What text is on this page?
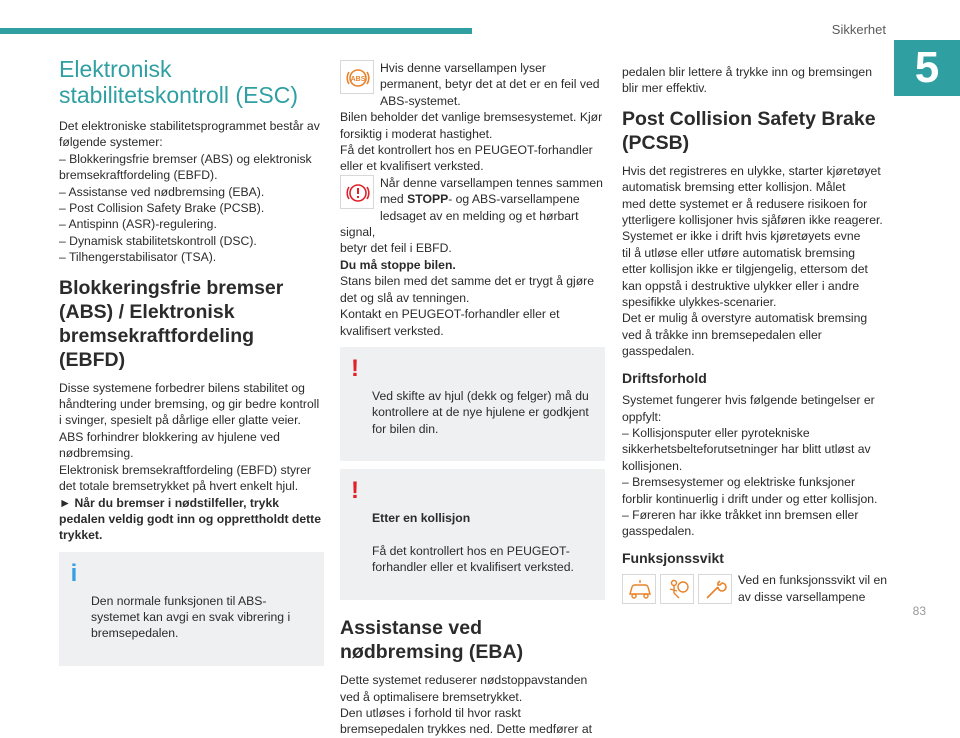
Sikkerhet
5
83
Elektronisk
stabilitetskontroll (ESC)

Det elektroniske stabilitetsprogrammet består av
følgende systemer:
– Blokkeringsfrie bremser (ABS) og elektronisk
bremsekraftfordeling (EBFD).
– Assistanse ved nødbremsing (EBA).
– Post Collision Safety Brake (PCSB).
– Antispinn (ASR)-regulering.
– Dynamisk stabilitetskontroll (DSC).
– Tilhengerstabilisator (TSA).

Blokkeringsfrie bremser
(ABS) / Elektronisk
bremsekraftfordeling
(EBFD)

Disse systemene forbedrer bilens stabilitet og
håndtering under bremsing, og gir bedre kontroll
i svinger, spesielt på dårlige eller glatte veier.
ABS forhindrer blokkering av hjulene ved
nødbremsing.
Elektronisk bremsekraftfordeling (EBFD) styrer
det totale bremsetrykket på hvert enkelt hjul.

► Når du bremser i nødstilfeller, trykk
pedalen veldig godt inn og opprettholdt dette
trykket.

i

Den normale funksjonen til ABS-
systemet kan avgi en svak vibrering i
bremsepedalen.

ABS

Hvis denne varsellampen lyser
permanent, betyr det at det er en feil ved
ABS-systemet.
Bilen beholder det vanlige bremsesystemet. Kjør
forsiktig i moderat hastighet.
Få det kontrollert hos en PEUGEOT-forhandler
eller et kvalifisert verksted.

Når denne varsellampen tennes sammen
med STOPP- og ABS-varsellampene
ledsaget av en melding og et hørbart signal,
betyr det feil i EBFD.

Du må stoppe bilen.

Stans bilen med det samme det er trygt å gjøre
det og slå av tenningen.
Kontakt en PEUGEOT-forhandler eller et
kvalifisert verksted.

!

Ved skifte av hjul (dekk og felger) må du
kontrollere at de nye hjulene er godkjent
for bilen din.

!

Etter en kollisjon

Få det kontrollert hos en PEUGEOT-
forhandler eller et kvalifisert verksted.

Assistanse ved
nødbremsing (EBA)

Dette systemet reduserer nødstoppavstanden
ved å optimalisere bremsetrykket.
Den utløses i forhold til hvor raskt
bremsepedalen trykkes ned. Dette medfører at

pedalen blir lettere å trykke inn og bremsingen
blir mer effektiv.

Post Collision Safety Brake
(PCSB)

Hvis det registreres en ulykke, starter kjøretøyet
automatisk bremsing etter kollisjon. Målet
med dette systemet er å redusere risikoen for
ytterligere kollisjoner hvis sjåføren ikke reagerer.
Systemet er ikke i drift hvis kjøretøyets evne
til å utløse eller utføre automatisk bremsing
etter kollisjon ikke er tilgjengelig, ettersom det
kan oppstå i destruktive ulykker eller i andre
spesifikke ulykkes-scenarier.
Det er mulig å overstyre automatisk bremsing
ved å tråkke inn bremsepedalen eller
gasspedalen.

Driftsforhold

Systemet fungerer hvis følgende betingelser er
oppfylt:
– Kollisjonsputer eller pyrotekniske
sikkerhetsbelteforutsetninger har blitt utløst av
kollisjonen.
– Bremsesystemer og elektriske funksjoner
forblir kontinuerlig i drift under og etter kollisjon.
– Føreren har ikke tråkket inn bremsen eller
gasspedalen.

Funksjonssvikt

Ved en funksjonssvikt vil en
av disse varsellampene
